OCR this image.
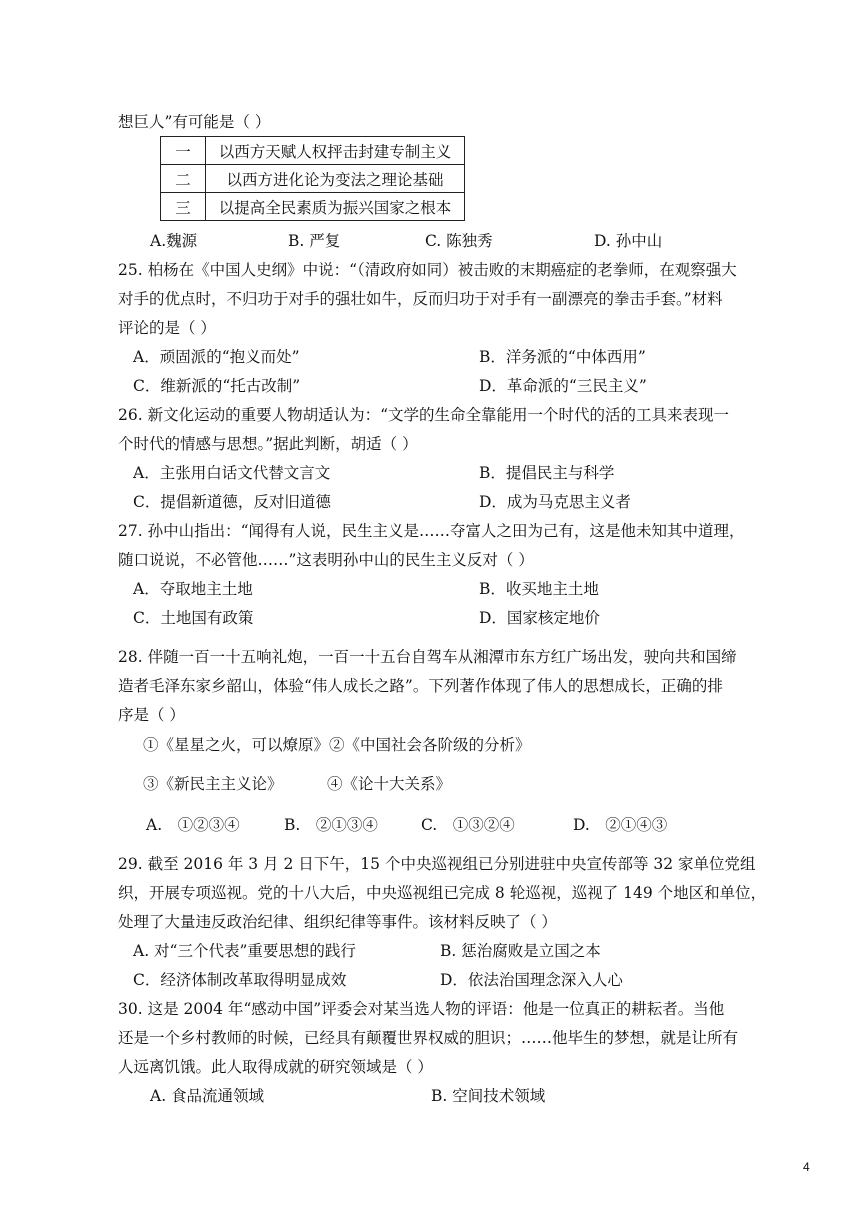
想巨人”有可能是（ ）
一	以西方天赋人权抨击封建专制主义
二	以西方进化论为变法之理论基础
三	以提高全民素质为振兴国家之根本
A.魏源	B. 严复	C. 陈独秀	D. 孙中山
25. 柏杨在《中国人史纲》中说：“（清政府如同）被击败的末期癌症的老拳师，在观察强大
对手的优点时，不归功于对手的强壮如牛，反而归功于对手有一副漂亮的拳击手套。”材料
评论的是（ ）
A．顽固派的“抱义而处”	B．洋务派的“中体西用”
C．维新派的“托古改制”	D．革命派的“三民主义”
26. 新文化运动的重要人物胡适认为：“文学的生命全靠能用一个时代的活的工具来表现一
个时代的情感与思想。”据此判断，胡适（ ）
A．主张用白话文代替文言文	B．提倡民主与科学
C．提倡新道德，反对旧道德	D．成为马克思主义者
27. 孙中山指出：“闻得有人说，民生主义是……夺富人之田为己有，这是他未知其中道理，
随口说说，不必管他……”这表明孙中山的民生主义反对（ ）
A．夺取地主土地	B．收买地主土地
C．土地国有政策	D．国家核定地价
28. 伴随一百一十五响礼炮，一百一十五台自驾车从湘潭市东方红广场出发，驶向共和国缔
造者毛泽东家乡韶山，体验“伟人成长之路”。下列著作体现了伟人的思想成长，正确的排
序是（ ）
①《星星之火，可以燎原》②《中国社会各阶级的分析》
③《新民主主义论》	④《论十大关系》
A.　①②③④	B.　②①③④	C.　①③②④	D.　②①④③
29. 截至 2016 年 3 月 2 日下午，15 个中央巡视组已分别进驻中央宣传部等 32 家单位党组
织，开展专项巡视。党的十八大后，中央巡视组已完成 8 轮巡视，巡视了 149 个地区和单位，
处理了大量违反政治纪律、组织纪律等事件。该材料反映了（ ）
A. 对“三个代表”重要思想的践行	B. 惩治腐败是立国之本
C．经济体制改革取得明显成效	D．依法治国理念深入人心
30. 这是 2004 年“感动中国”评委会对某当选人物的评语：他是一位真正的耕耘者。当他
还是一个乡村教师的时候，已经具有颠覆世界权威的胆识；……他毕生的梦想，就是让所有
人远离饥饿。此人取得成就的研究领域是（ ）
A. 食品流通领域	B. 空间技术领域
4
